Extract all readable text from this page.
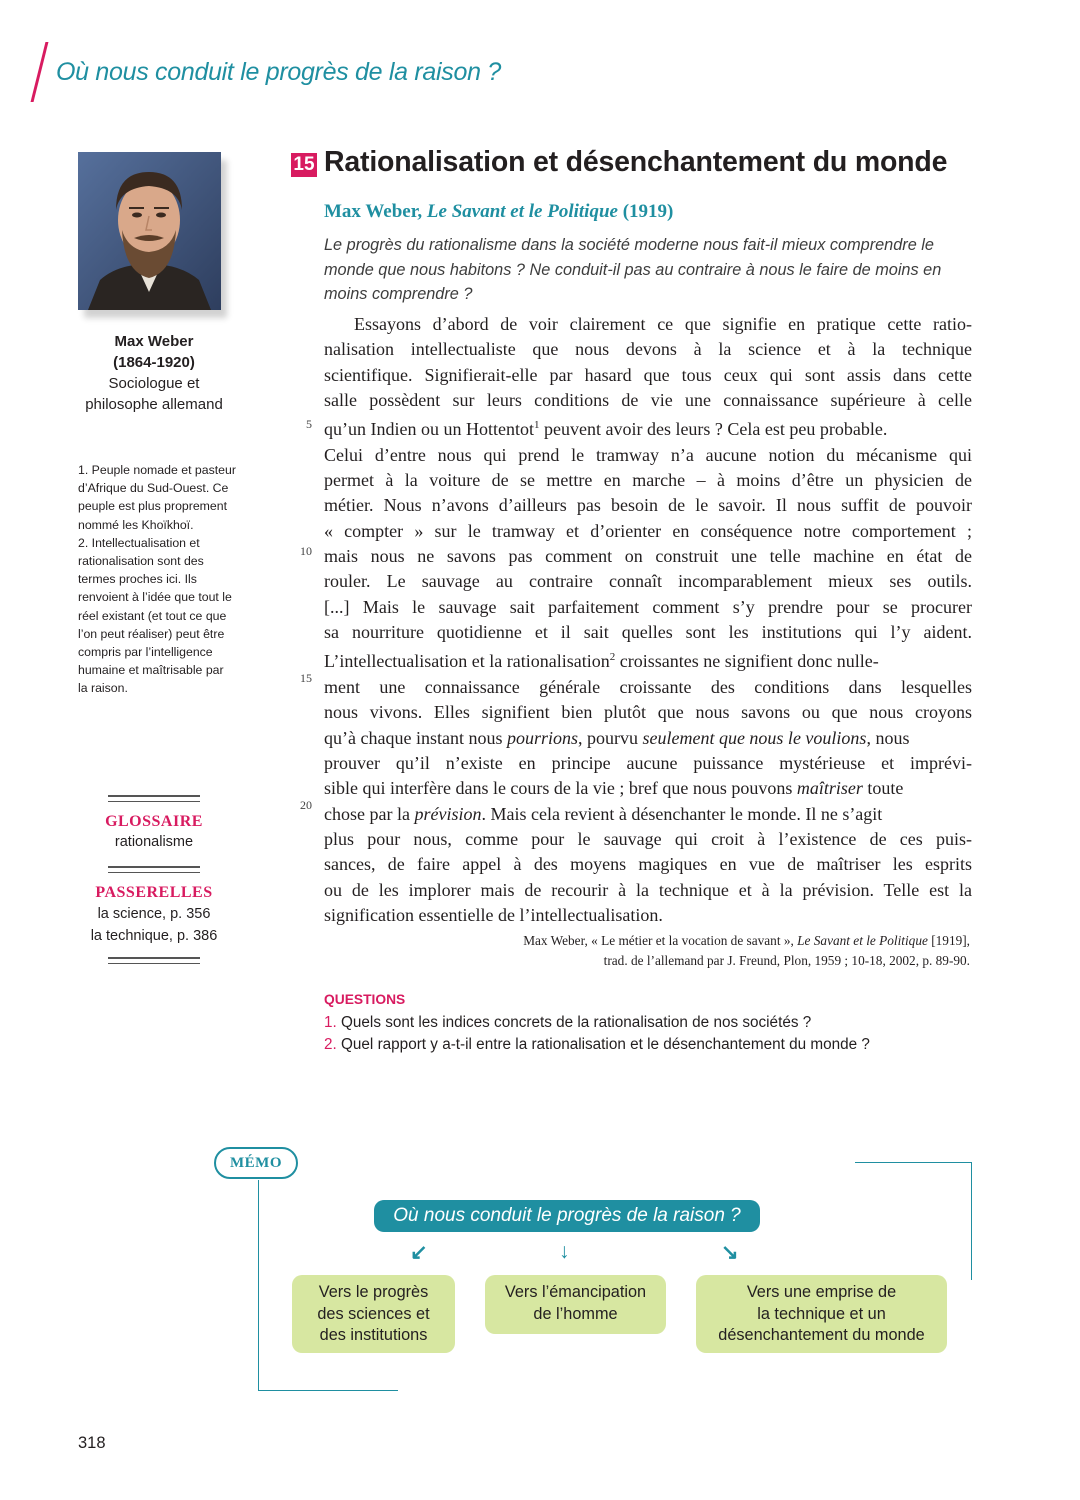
Où nous conduit le progrès de la raison ?
Max Weber
(1864-1920)
Sociologue et
philosophe allemand

1. Peuple nomade et pasteur d’Afrique du Sud-Ouest. Ce peuple est plus proprement nommé les Khoïkhoï.

2. Intellectualisation et rationalisation sont des termes proches ici. Ils renvoient à l’idée que tout le réel existant (et tout ce que l’on peut réaliser) peut être compris par l’intelligence humaine et maîtrisable par la raison.

GLOSSAIRE
rationalisme
PASSERELLES
la science, p. 356
la technique, p. 386
15 Rationalisation et désenchantement du monde
Max Weber, Le Savant et le Politique (1919)
Le progrès du rationalisme dans la société moderne nous fait-il mieux comprendre le monde que nous habitons ? Ne conduit-il pas au contraire à nous le faire de moins en moins comprendre ?
5
10
15
20
Essayons d’abord de voir clairement ce que signifie en pratique cette ratio-
nalisation intellectualiste que nous devons à la science et à la technique
scientifique. Signifierait-elle par hasard que tous ceux qui sont assis dans cette
salle possèdent sur leurs conditions de vie une connaissance supérieure à celle
qu’un Indien ou un Hottentot$^1$ peuvent avoir des leurs ? Cela est peu probable.
Celui d’entre nous qui prend le tramway n’a aucune notion du mécanisme qui
permet à la voiture de se mettre en marche – à moins d’être un physicien de
métier. Nous n’avons d’ailleurs pas besoin de le savoir. Il nous suffit de pouvoir
« compter » sur le tramway et d’orienter en conséquence notre comportement ;
mais nous ne savons pas comment on construit une telle machine en état de
rouler. Le sauvage au contraire connaît incomparablement mieux ses outils.
[...] Mais le sauvage sait parfaitement comment s’y prendre pour se procurer
sa nourriture quotidienne et il sait quelles sont les institutions qui l’y aident.
L’intellectualisation et la rationalisation$^2$ croissantes ne signifient donc nulle-
ment une connaissance générale croissante des conditions dans lesquelles
nous vivons. Elles signifient bien plutôt que nous savons ou que nous croyons
qu’à chaque instant nous pourrions, pourvu seulement que nous le voulions, nous
prouver qu’il n’existe en principe aucune puissance mystérieuse et imprévi-
sible qui interfère dans le cours de la vie ; bref que nous pouvons maîtriser toute
chose par la prévision. Mais cela revient à désenchanter le monde. Il ne s’agit
plus pour nous, comme pour le sauvage qui croit à l’existence de ces puis-
sances, de faire appel à des moyens magiques en vue de maîtriser les esprits
ou de les implorer mais de recourir à la technique et à la prévision. Telle est la
signification essentielle de l’intellectualisation.
Max Weber, « Le métier et la vocation de savant », Le Savant et le Politique [1919],
trad. de l’allemand par J. Freund, Plon, 1959 ; 10-18, 2002, p. 89-90.
QUESTIONS
1. Quels sont les indices concrets de la rationalisation de nos sociétés ?
2. Quel rapport y a-t-il entre la rationalisation et le désenchantement du monde ?
MÉMO
Où nous conduit le progrès de la raison ?
↙	↓	↘
Vers le progrès
des sciences et
des institutions
Vers l’émancipation
de l’homme
Vers une emprise de
la technique et un
désenchantement du monde
318
